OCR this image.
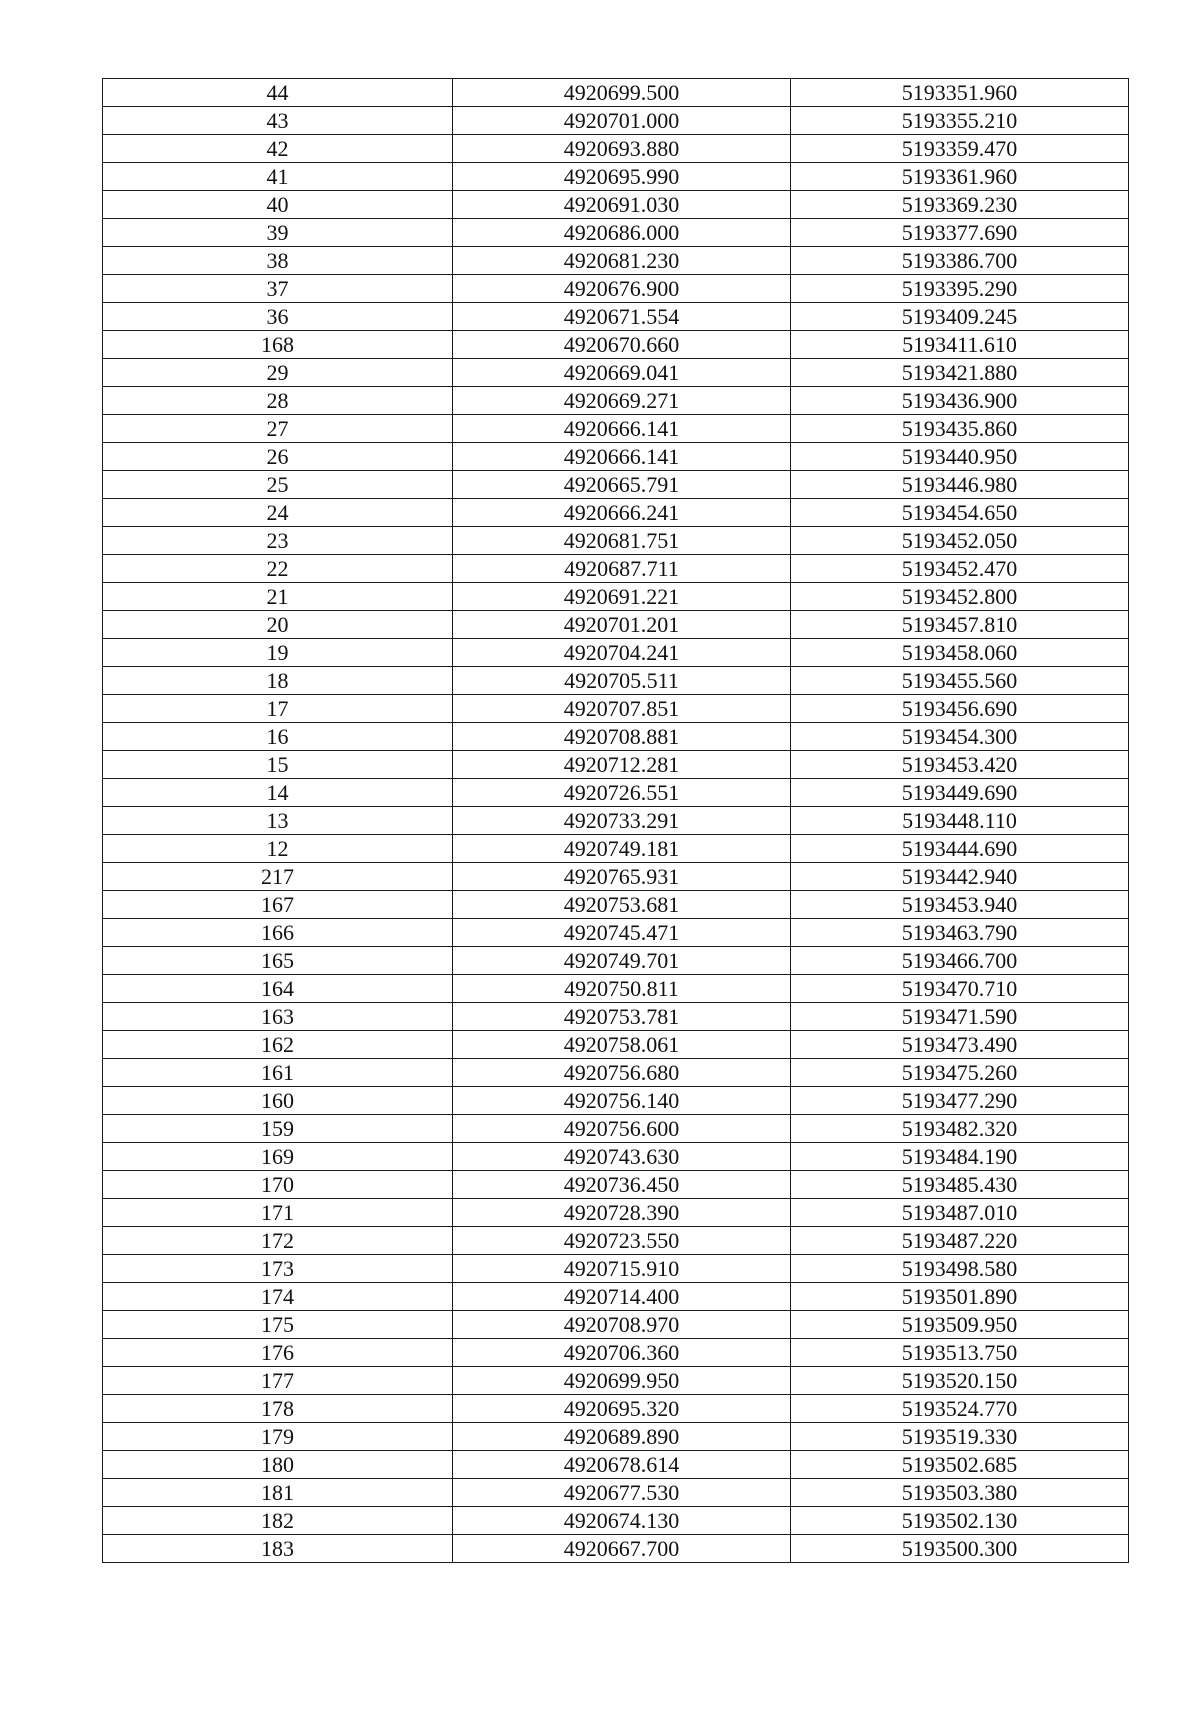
44	4920699.500	5193351.960
43	4920701.000	5193355.210
42	4920693.880	5193359.470
41	4920695.990	5193361.960
40	4920691.030	5193369.230
39	4920686.000	5193377.690
38	4920681.230	5193386.700
37	4920676.900	5193395.290
36	4920671.554	5193409.245
168	4920670.660	5193411.610
29	4920669.041	5193421.880
28	4920669.271	5193436.900
27	4920666.141	5193435.860
26	4920666.141	5193440.950
25	4920665.791	5193446.980
24	4920666.241	5193454.650
23	4920681.751	5193452.050
22	4920687.711	5193452.470
21	4920691.221	5193452.800
20	4920701.201	5193457.810
19	4920704.241	5193458.060
18	4920705.511	5193455.560
17	4920707.851	5193456.690
16	4920708.881	5193454.300
15	4920712.281	5193453.420
14	4920726.551	5193449.690
13	4920733.291	5193448.110
12	4920749.181	5193444.690
217	4920765.931	5193442.940
167	4920753.681	5193453.940
166	4920745.471	5193463.790
165	4920749.701	5193466.700
164	4920750.811	5193470.710
163	4920753.781	5193471.590
162	4920758.061	5193473.490
161	4920756.680	5193475.260
160	4920756.140	5193477.290
159	4920756.600	5193482.320
169	4920743.630	5193484.190
170	4920736.450	5193485.430
171	4920728.390	5193487.010
172	4920723.550	5193487.220
173	4920715.910	5193498.580
174	4920714.400	5193501.890
175	4920708.970	5193509.950
176	4920706.360	5193513.750
177	4920699.950	5193520.150
178	4920695.320	5193524.770
179	4920689.890	5193519.330
180	4920678.614	5193502.685
181	4920677.530	5193503.380
182	4920674.130	5193502.130
183	4920667.700	5193500.300
